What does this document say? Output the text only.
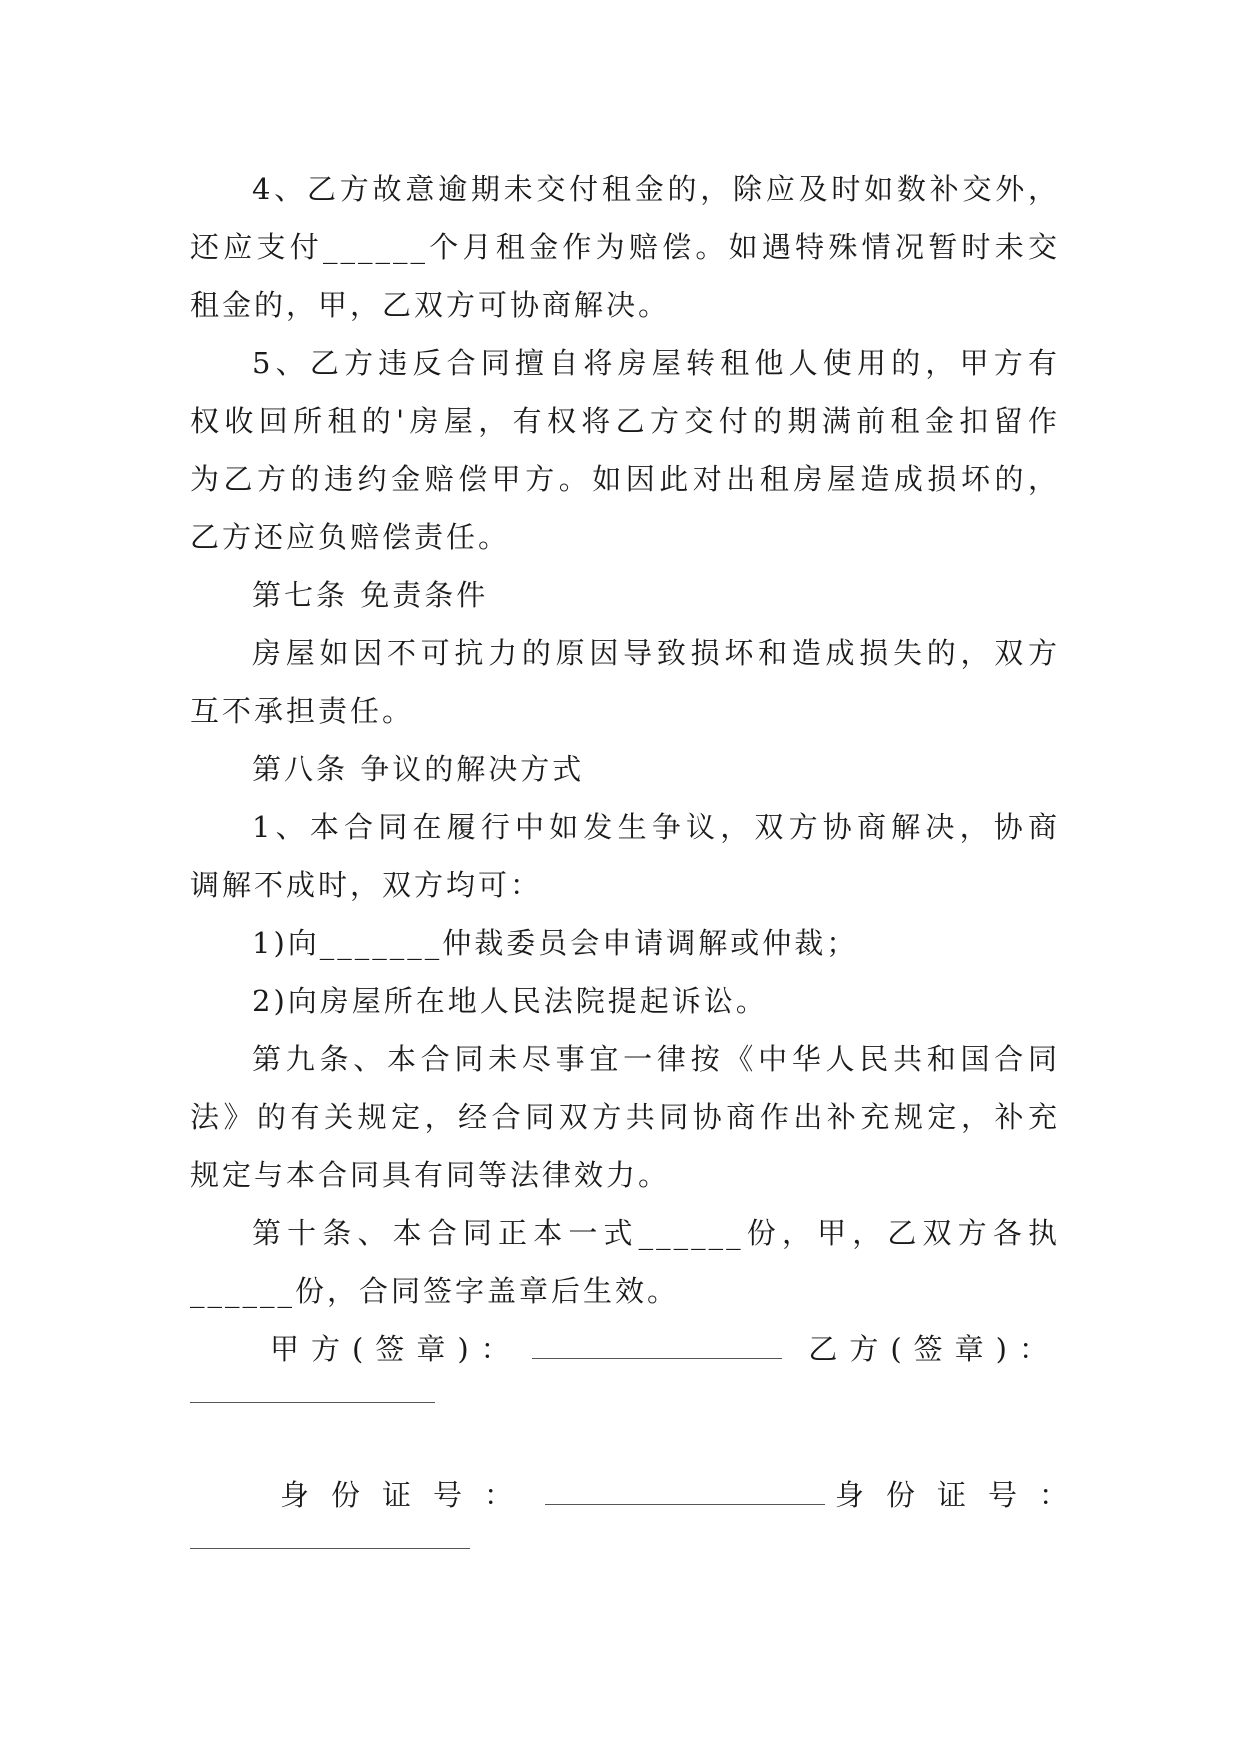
4、乙方故意逾期未交付租金的，除应及时如数补交外，
还应支付______个月租金作为赔偿。如遇特殊情况暂时未交
租金的，甲，乙双方可协商解决。
5、乙方违反合同擅自将房屋转租他人使用的，甲方有
权收回所租的'房屋，有权将乙方交付的期满前租金扣留作
为乙方的违约金赔偿甲方。如因此对出租房屋造成损坏的，
乙方还应负赔偿责任。
第七条 免责条件
房屋如因不可抗力的原因导致损坏和造成损失的，双方
互不承担责任。
第八条 争议的解决方式
1、本合同在履行中如发生争议，双方协商解决，协商
调解不成时，双方均可：
1)向_______仲裁委员会申请调解或仲裁；
2)向房屋所在地人民法院提起诉讼。
第九条、本合同未尽事宜一律按《中华人民共和国合同
法》的有关规定，经合同双方共同协商作出补充规定，补充
规定与本合同具有同等法律效力。
第十条、本合同正本一式______份，甲，乙双方各执
______份，合同签字盖章后生效。
甲方(签章)：	乙方(签章)：
身份证号：	身份证号：
